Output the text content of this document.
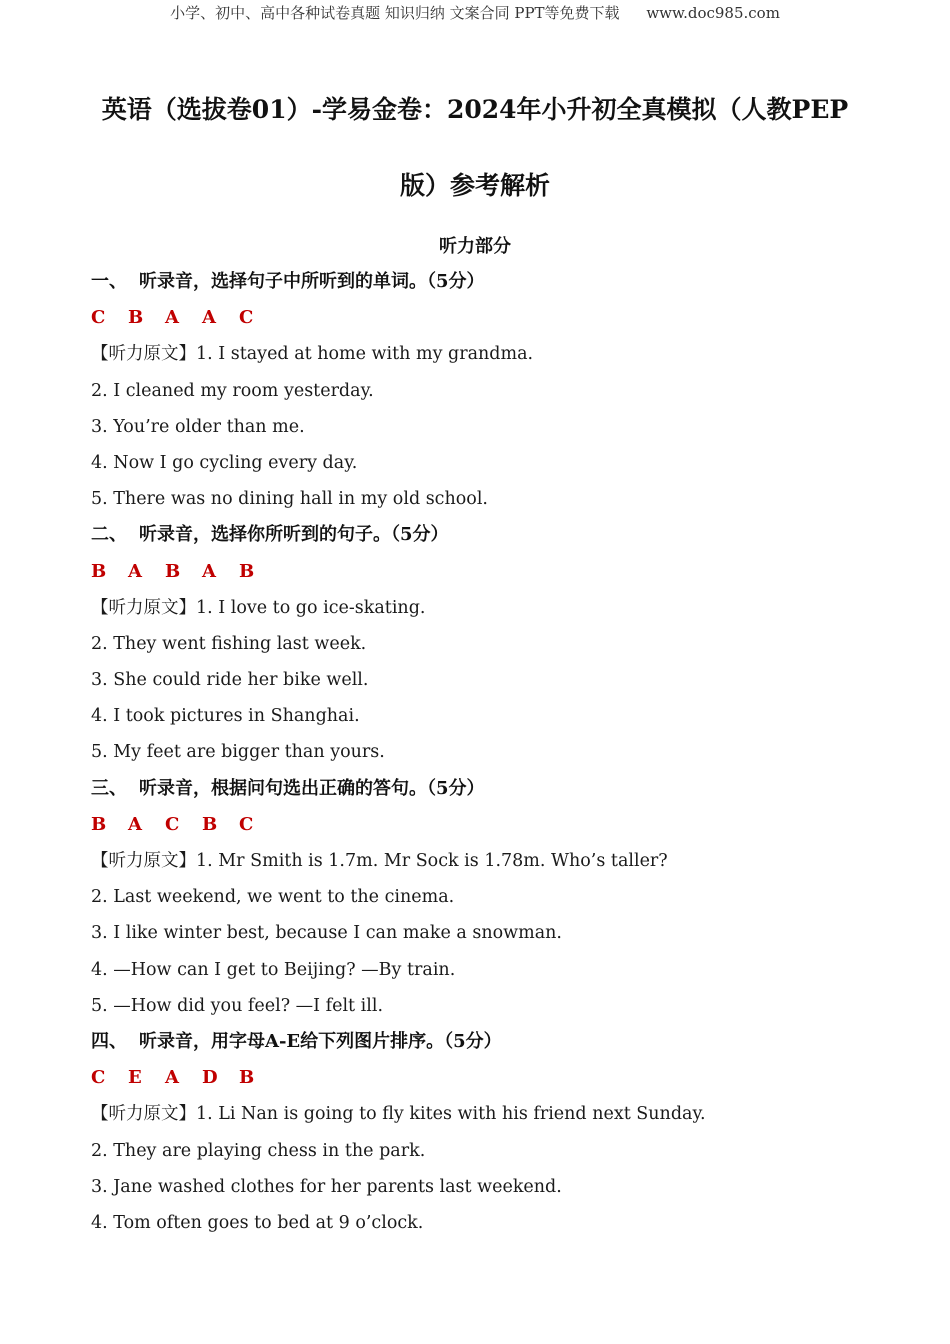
小学、初中、高中各种试卷真题 知识归纳 文案合同 PPT等免费下载 www.doc985.com
英语（选拔卷01）-学易金卷：2024年小升初全真模拟（人教PEP
版）参考解析
听力部分
一、 听录音，选择句子中所听到的单词。（5分）
C B A A C
【听力原文】1. I stayed at home with my grandma.
2. I cleaned my room yesterday.
3. You’re older than me.
4. Now I go cycling every day.
5. There was no dining hall in my old school.
二、 听录音，选择你所听到的句子。（5分）
B A B A B
【听力原文】1. I love to go ice-skating.
2. They went fishing last week.
3. She could ride her bike well.
4. I took pictures in Shanghai.
5. My feet are bigger than yours.
三、 听录音，根据问句选出正确的答句。（5分）
B A C B C
【听力原文】1. Mr Smith is 1.7m. Mr Sock is 1.78m. Who’s taller?
2. Last weekend, we went to the cinema.
3. I like winter best, because I can make a snowman.
4. —How can I get to Beijing? —By train.
5. —How did you feel? —I felt ill.
四、 听录音，用字母A-E给下列图片排序。（5分）
C E A D B
【听力原文】1. Li Nan is going to fly kites with his friend next Sunday.
2. They are playing chess in the park.
3. Jane washed clothes for her parents last weekend.
4. Tom often goes to bed at 9 o’clock.
